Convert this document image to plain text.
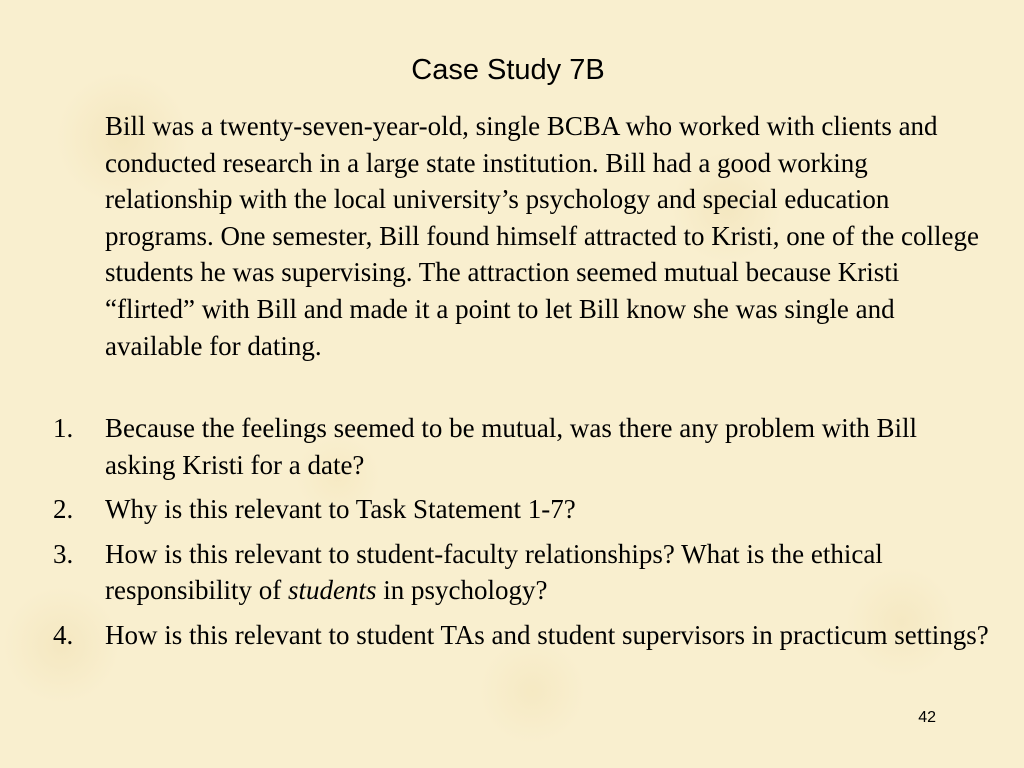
Case Study 7B

Bill was a twenty-seven-year-old, single BCBA who worked with clients and conducted research in a large state institution. Bill had a good working relationship with the local university’s psychology and special education programs. One semester, Bill found himself attracted to Kristi, one of the college students he was supervising. The attraction seemed mutual because Kristi “flirted” with Bill and made it a point to let Bill know she was single and available for dating.

1. Because the feelings seemed to be mutual, was there any problem with Bill asking Kristi for a date?
2. Why is this relevant to Task Statement 1-7?
3. How is this relevant to student-faculty relationships? What is the ethical responsibility of students in psychology?
4. How is this relevant to student TAs and student supervisors in practicum settings?
42
